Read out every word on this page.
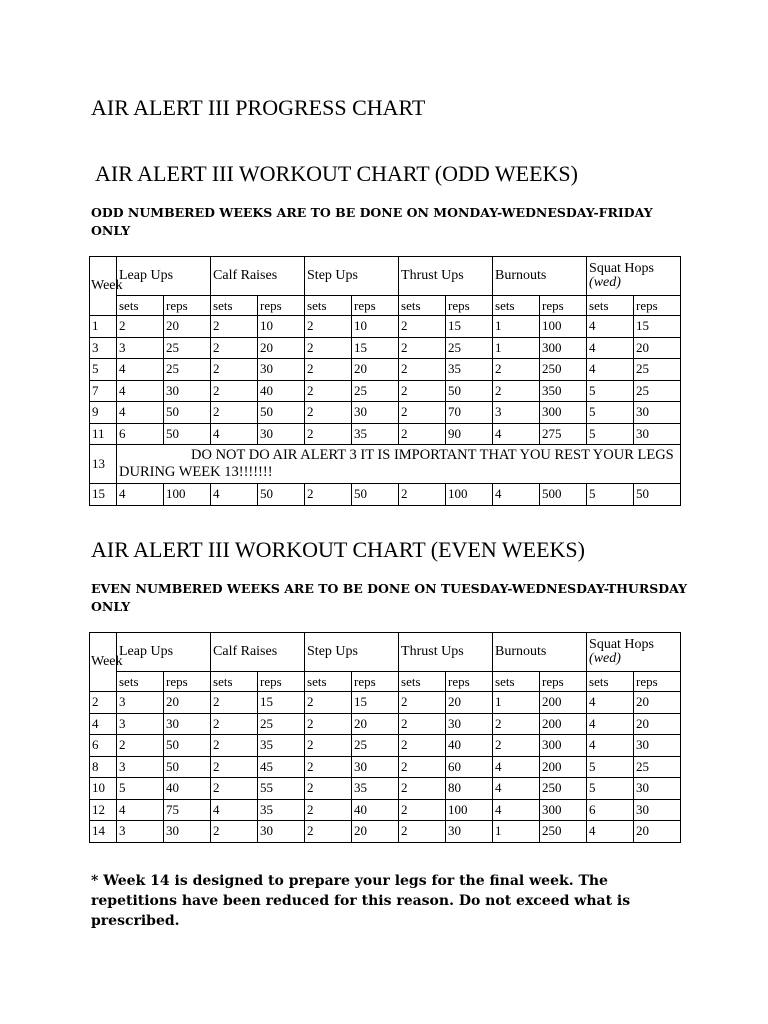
AIR ALERT III PROGRESS CHART
AIR ALERT III WORKOUT CHART (ODD WEEKS)
ODD NUMBERED WEEKS ARE TO BE DONE ON MONDAY-WEDNESDAY-FRIDAY ONLY
Week	Leap Ups		Calf Raises		Step Ups		Thrust Ups		Burnouts		Squat Hops (wed)	
	sets	reps	sets	reps	sets	reps	sets	reps	sets	reps	sets	reps
1	2	20	2	10	2	10	2	15	1	100	4	15
3	3	25	2	20	2	15	2	25	1	300	4	20
5	4	25	2	30	2	20	2	35	2	250	4	25
7	4	30	2	40	2	25	2	50	2	350	5	25
9	4	50	2	50	2	30	2	70	3	300	5	30
11	6	50	4	30	2	35	2	90	4	275	5	30
13	DO NOT DO AIR ALERT 3 IT IS IMPORTANT THAT YOU REST YOUR LEGS DURING WEEK 13!!!!!!!											

15	4	100	4	50	2	50	2	100	4	500	5	50
AIR ALERT III WORKOUT CHART (EVEN WEEKS)
EVEN NUMBERED WEEKS ARE TO BE DONE ON TUESDAY-WEDNESDAY-THURSDAY ONLY
Week	Leap Ups		Calf Raises		Step Ups		Thrust Ups		Burnouts		Squat Hops (wed)	
	sets	reps	sets	reps	sets	reps	sets	reps	sets	reps	sets	reps
2	3	20	2	15	2	15	2	20	1	200	4	20
4	3	30	2	25	2	20	2	30	2	200	4	20
6	2	50	2	35	2	25	2	40	2	300	4	30
8	3	50	2	45	2	30	2	60	4	200	5	25
10	5	40	2	55	2	35	2	80	4	250	5	30
12	4	75	4	35	2	40	2	100	4	300	6	30
14	3	30	2	30	2	20	2	30	1	250	4	20
* Week 14 is designed to prepare your legs for the final week. The repetitions have been reduced for this reason. Do not exceed what is prescribed.
